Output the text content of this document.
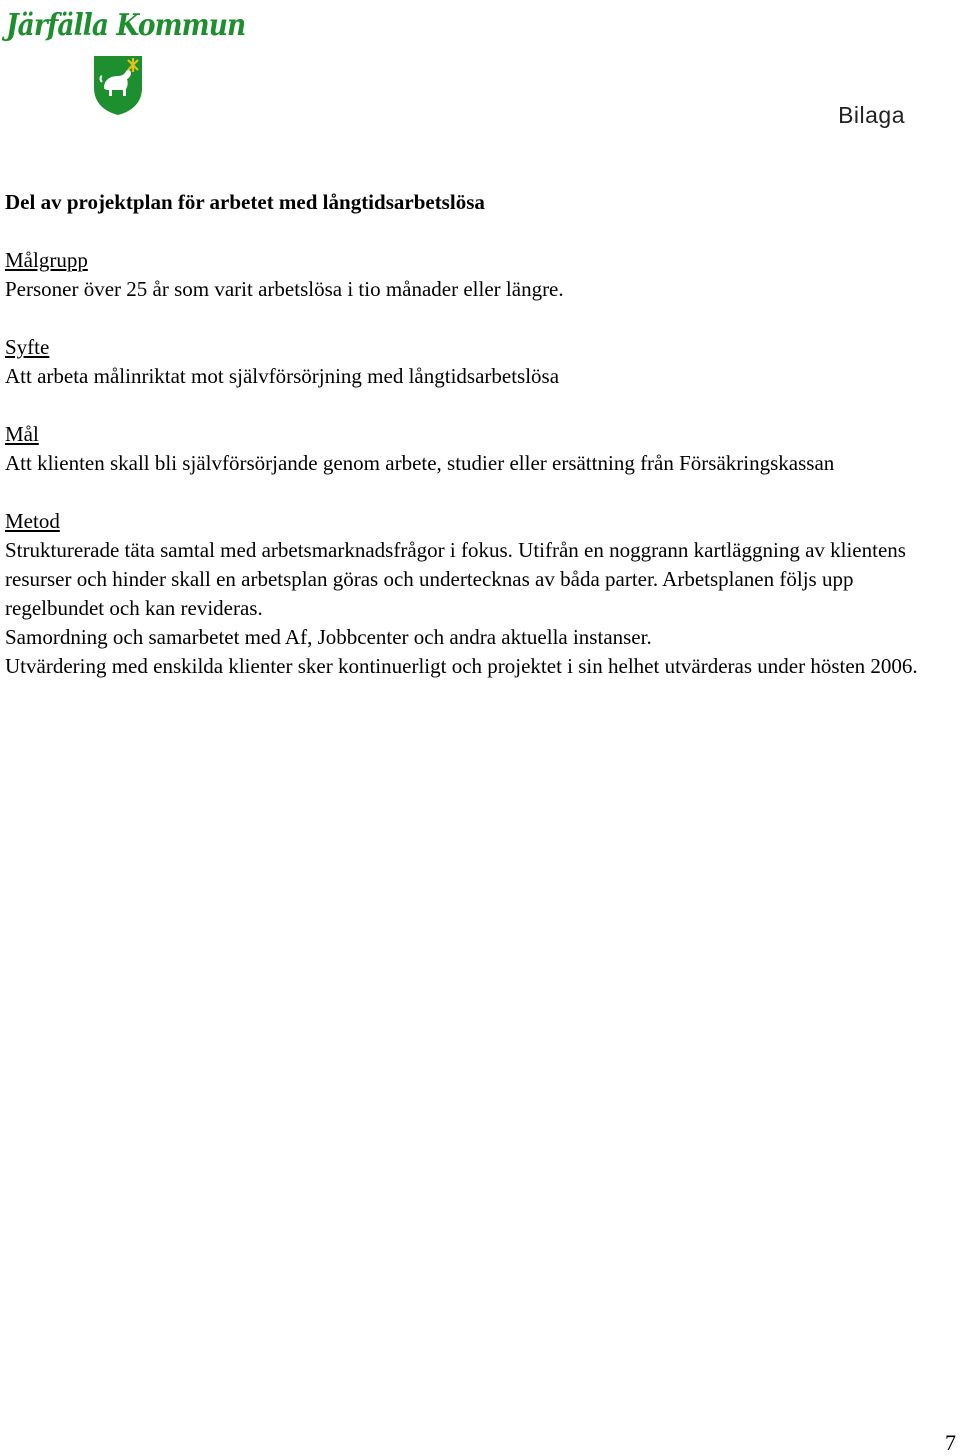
Järfälla Kommun
Bilaga
Del av projektplan för arbetet med långtidsarbetslösa
Målgrupp
Personer över 25 år som varit arbetslösa i tio månader eller längre.
Syfte
Att arbeta målinriktat mot självförsörjning med långtidsarbetslösa
Mål
Att klienten skall bli självförsörjande genom arbete, studier eller ersättning från Försäkringskassan
Metod
Strukturerade täta samtal med arbetsmarknadsfrågor i fokus. Utifrån en noggrann kartläggning av klientens resurser och hinder skall en arbetsplan göras och undertecknas av båda parter. Arbetsplanen följs upp regelbundet och kan revideras.
Samordning och samarbetet med Af, Jobbcenter och andra aktuella instanser.
Utvärdering med enskilda klienter sker kontinuerligt och projektet i sin helhet utvärderas under hösten 2006.
7
